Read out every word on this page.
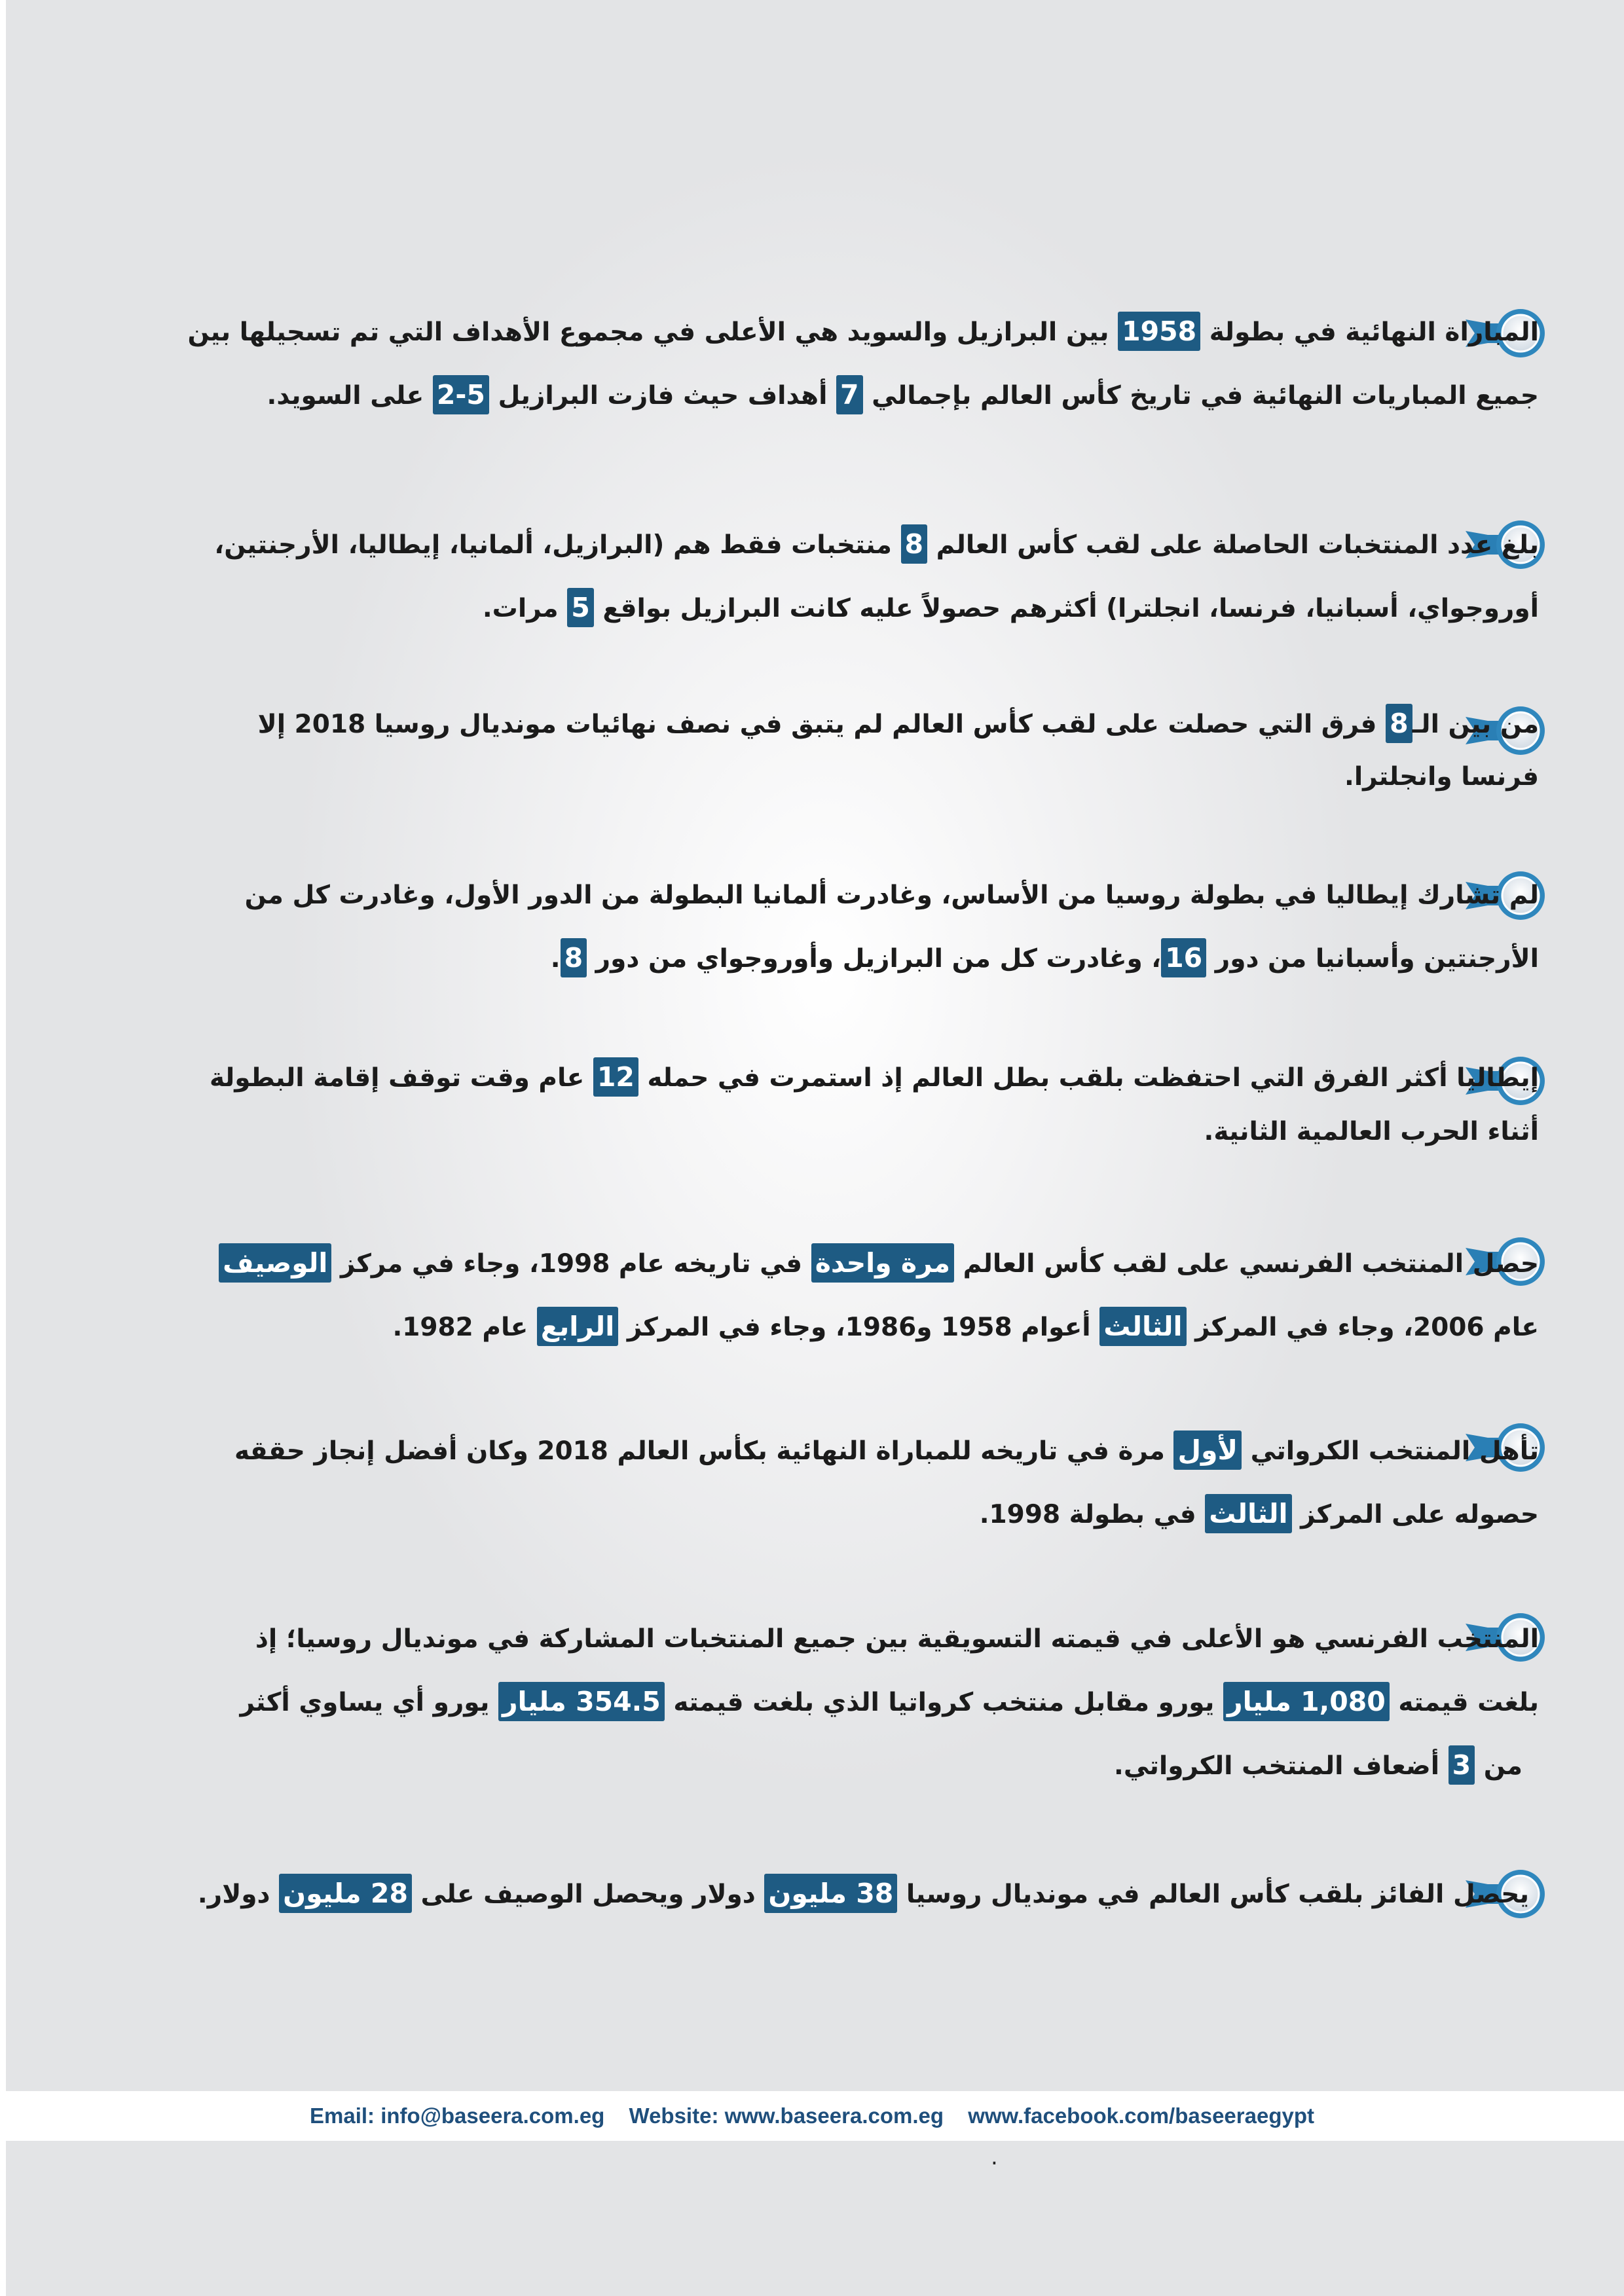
المباراة النهائية في بطولة 1958 بين البرازيل والسويد هي الأعلى في مجموع الأهداف التي تم تسجيلها بين
جميع المباريات النهائية في تاريخ كأس العالم بإجمالي 7 أهداف حيث فازت البرازيل 2-5 على السويد.
بلغ عدد المنتخبات الحاصلة على لقب كأس العالم 8 منتخبات فقط هم (البرازيل، ألمانيا، إيطاليا، الأرجنتين،
أوروجواي، أسبانيا، فرنسا، انجلترا) أكثرهم حصولاً عليه كانت البرازيل بواقع 5 مرات.
من بين الـ8 فرق التي حصلت على لقب كأس العالم لم يتبق في نصف نهائيات مونديال روسيا 2018 إلا
فرنسا وانجلترا.
لم تشارك إيطاليا في بطولة روسيا من الأساس، وغادرت ألمانيا البطولة من الدور الأول، وغادرت كل من
الأرجنتين وأسبانيا من دور 16، وغادرت كل من البرازيل وأوروجواي من دور 8.
إيطاليا أكثر الفرق التي احتفظت بلقب بطل العالم إذ استمرت في حمله 12 عام وقت توقف إقامة البطولة
أثناء الحرب العالمية الثانية.
حصل المنتخب الفرنسي على لقب كأس العالم مرة واحدة في تاريخه عام 1998، وجاء في مركز الوصيف
عام 2006، وجاء في المركز الثالث أعوام 1958 و1986، وجاء في المركز الرابع عام 1982.
تأهل المنتخب الكرواتي لأول مرة في تاريخه للمباراة النهائية بكأس العالم 2018 وكان أفضل إنجاز حققه
حصوله على المركز الثالث في بطولة 1998.
المنتخب الفرنسي هو الأعلى في قيمته التسويقية بين جميع المنتخبات المشاركة في مونديال روسيا؛ إذ
بلغت قيمته 1,080 مليار يورو مقابل منتخب كرواتيا الذي بلغت قيمته 354.5 مليار يورو أي يساوي أكثر
من 3 أضعاف المنتخب الكرواتي.
يحصل الفائز بلقب كأس العالم في مونديال روسيا 38 مليون دولار ويحصل الوصيف على 28 مليون دولار.
Email: info@baseera.com.eg Website: www.baseera.com.eg www.facebook.com/baseeraegypt
.
